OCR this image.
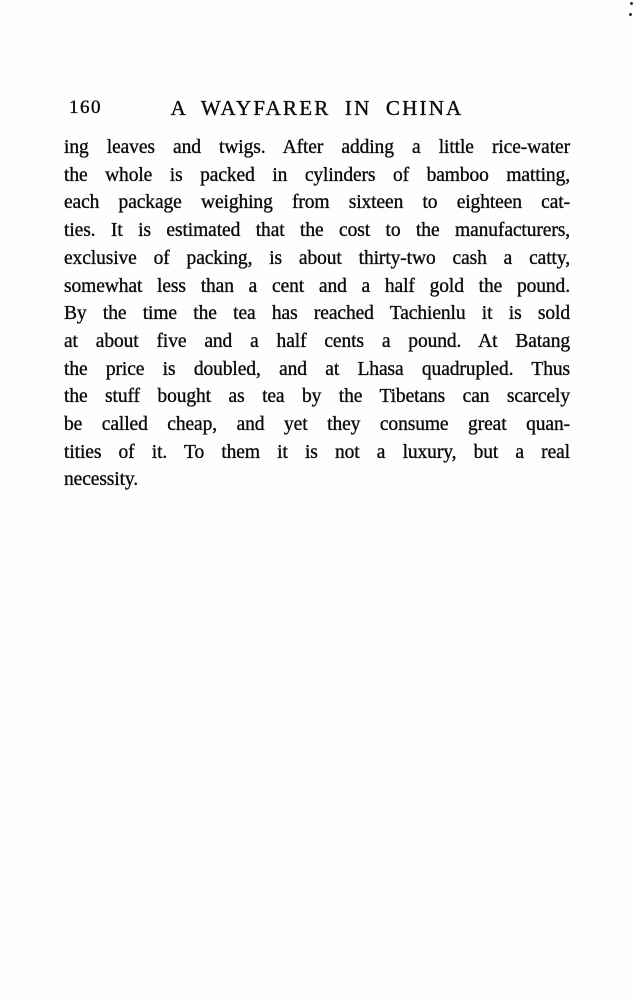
160	A WAYFARER IN CHINA
ing leaves and twigs. After adding a little rice-water
the whole is packed in cylinders of bamboo matting,
each package weighing from sixteen to eighteen cat-
ties. It is estimated that the cost to the manufacturers,
exclusive of packing, is about thirty-two cash a catty,
somewhat less than a cent and a half gold the pound.
By the time the tea has reached Tachienlu it is sold
at about five and a half cents a pound. At Batang
the price is doubled, and at Lhasa quadrupled. Thus
the stuff bought as tea by the Tibetans can scarcely
be called cheap, and yet they consume great quan-
tities of it. To them it is not a luxury, but a real
necessity.
